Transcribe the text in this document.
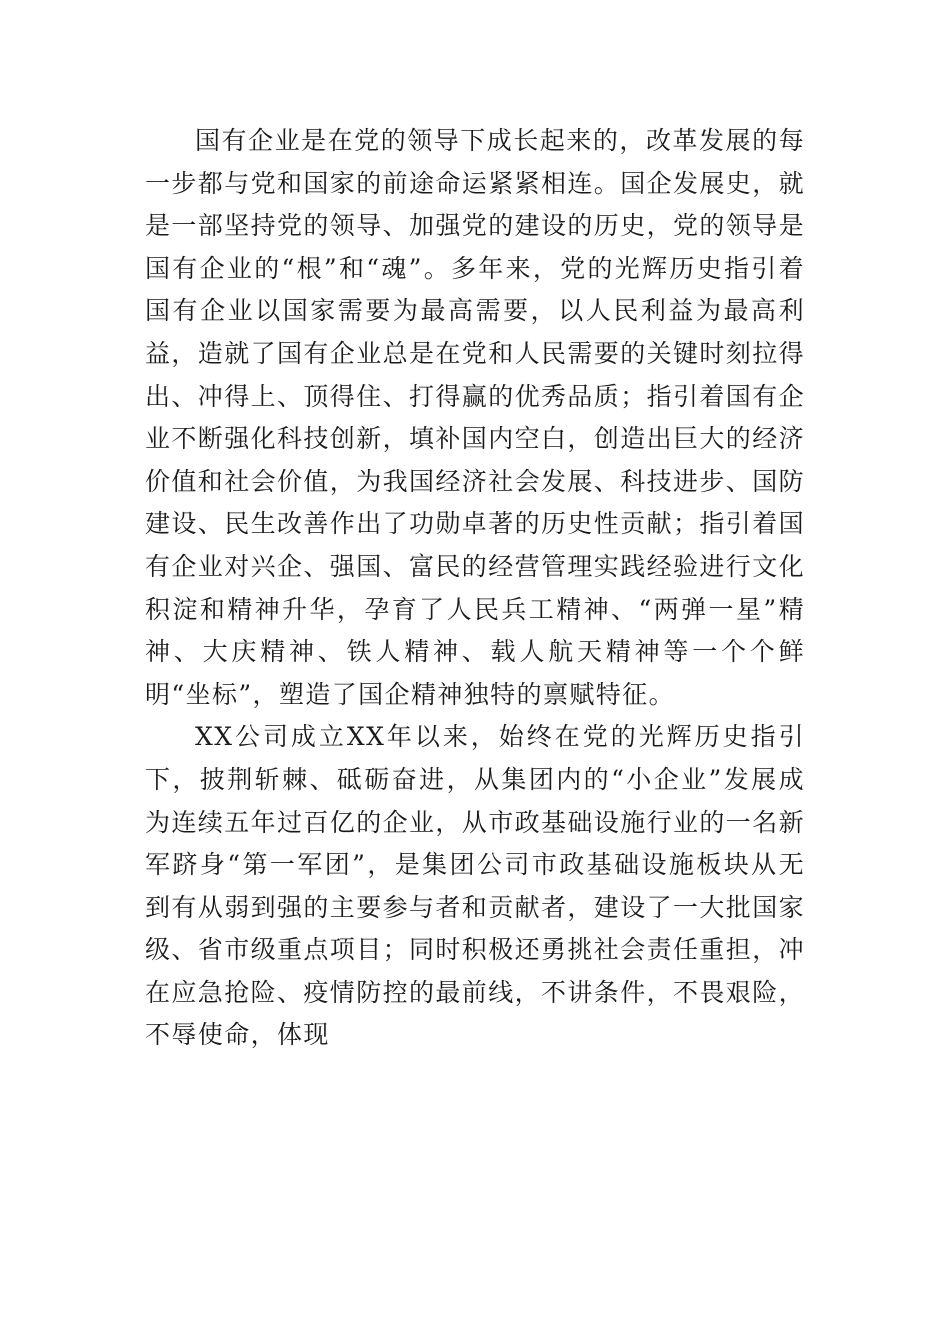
国有企业是在党的领导下成长起来的，改革发展的每一步都与党和国家的前途命运紧紧相连。国企发展史，就是一部坚持党的领导、加强党的建设的历史，党的领导是国有企业的“根”和“魂”。多年来，党的光辉历史指引着国有企业以国家需要为最高需要，以人民利益为最高利益，造就了国有企业总是在党和人民需要的关键时刻拉得出、冲得上、顶得住、打得赢的优秀品质；指引着国有企业不断强化科技创新，填补国内空白，创造出巨大的经济价值和社会价值，为我国经济社会发展、科技进步、国防建设、民生改善作出了功勋卓著的历史性贡献；指引着国有企业对兴企、强国、富民的经营管理实践经验进行文化积淀和精神升华，孕育了人民兵工精神、“两弹一星”精神、大庆精神、铁人精神、载人航天精神等一个个鲜明“坐标”，塑造了国企精神独特的禀赋特征。

XX公司成立XX年以来，始终在党的光辉历史指引下，披荆斩棘、砥砺奋进，从集团内的“小企业”发展成为连续五年过百亿的企业，从市政基础设施行业的一名新军跻身“第一军团”，是集团公司市政基础设施板块从无到有从弱到强的主要参与者和贡献者，建设了一大批国家级、省市级重点项目；同时积极还勇挑社会责任重担，冲在应急抢险、疫情防控的最前线，不讲条件，不畏艰险，不辱使命，体现
